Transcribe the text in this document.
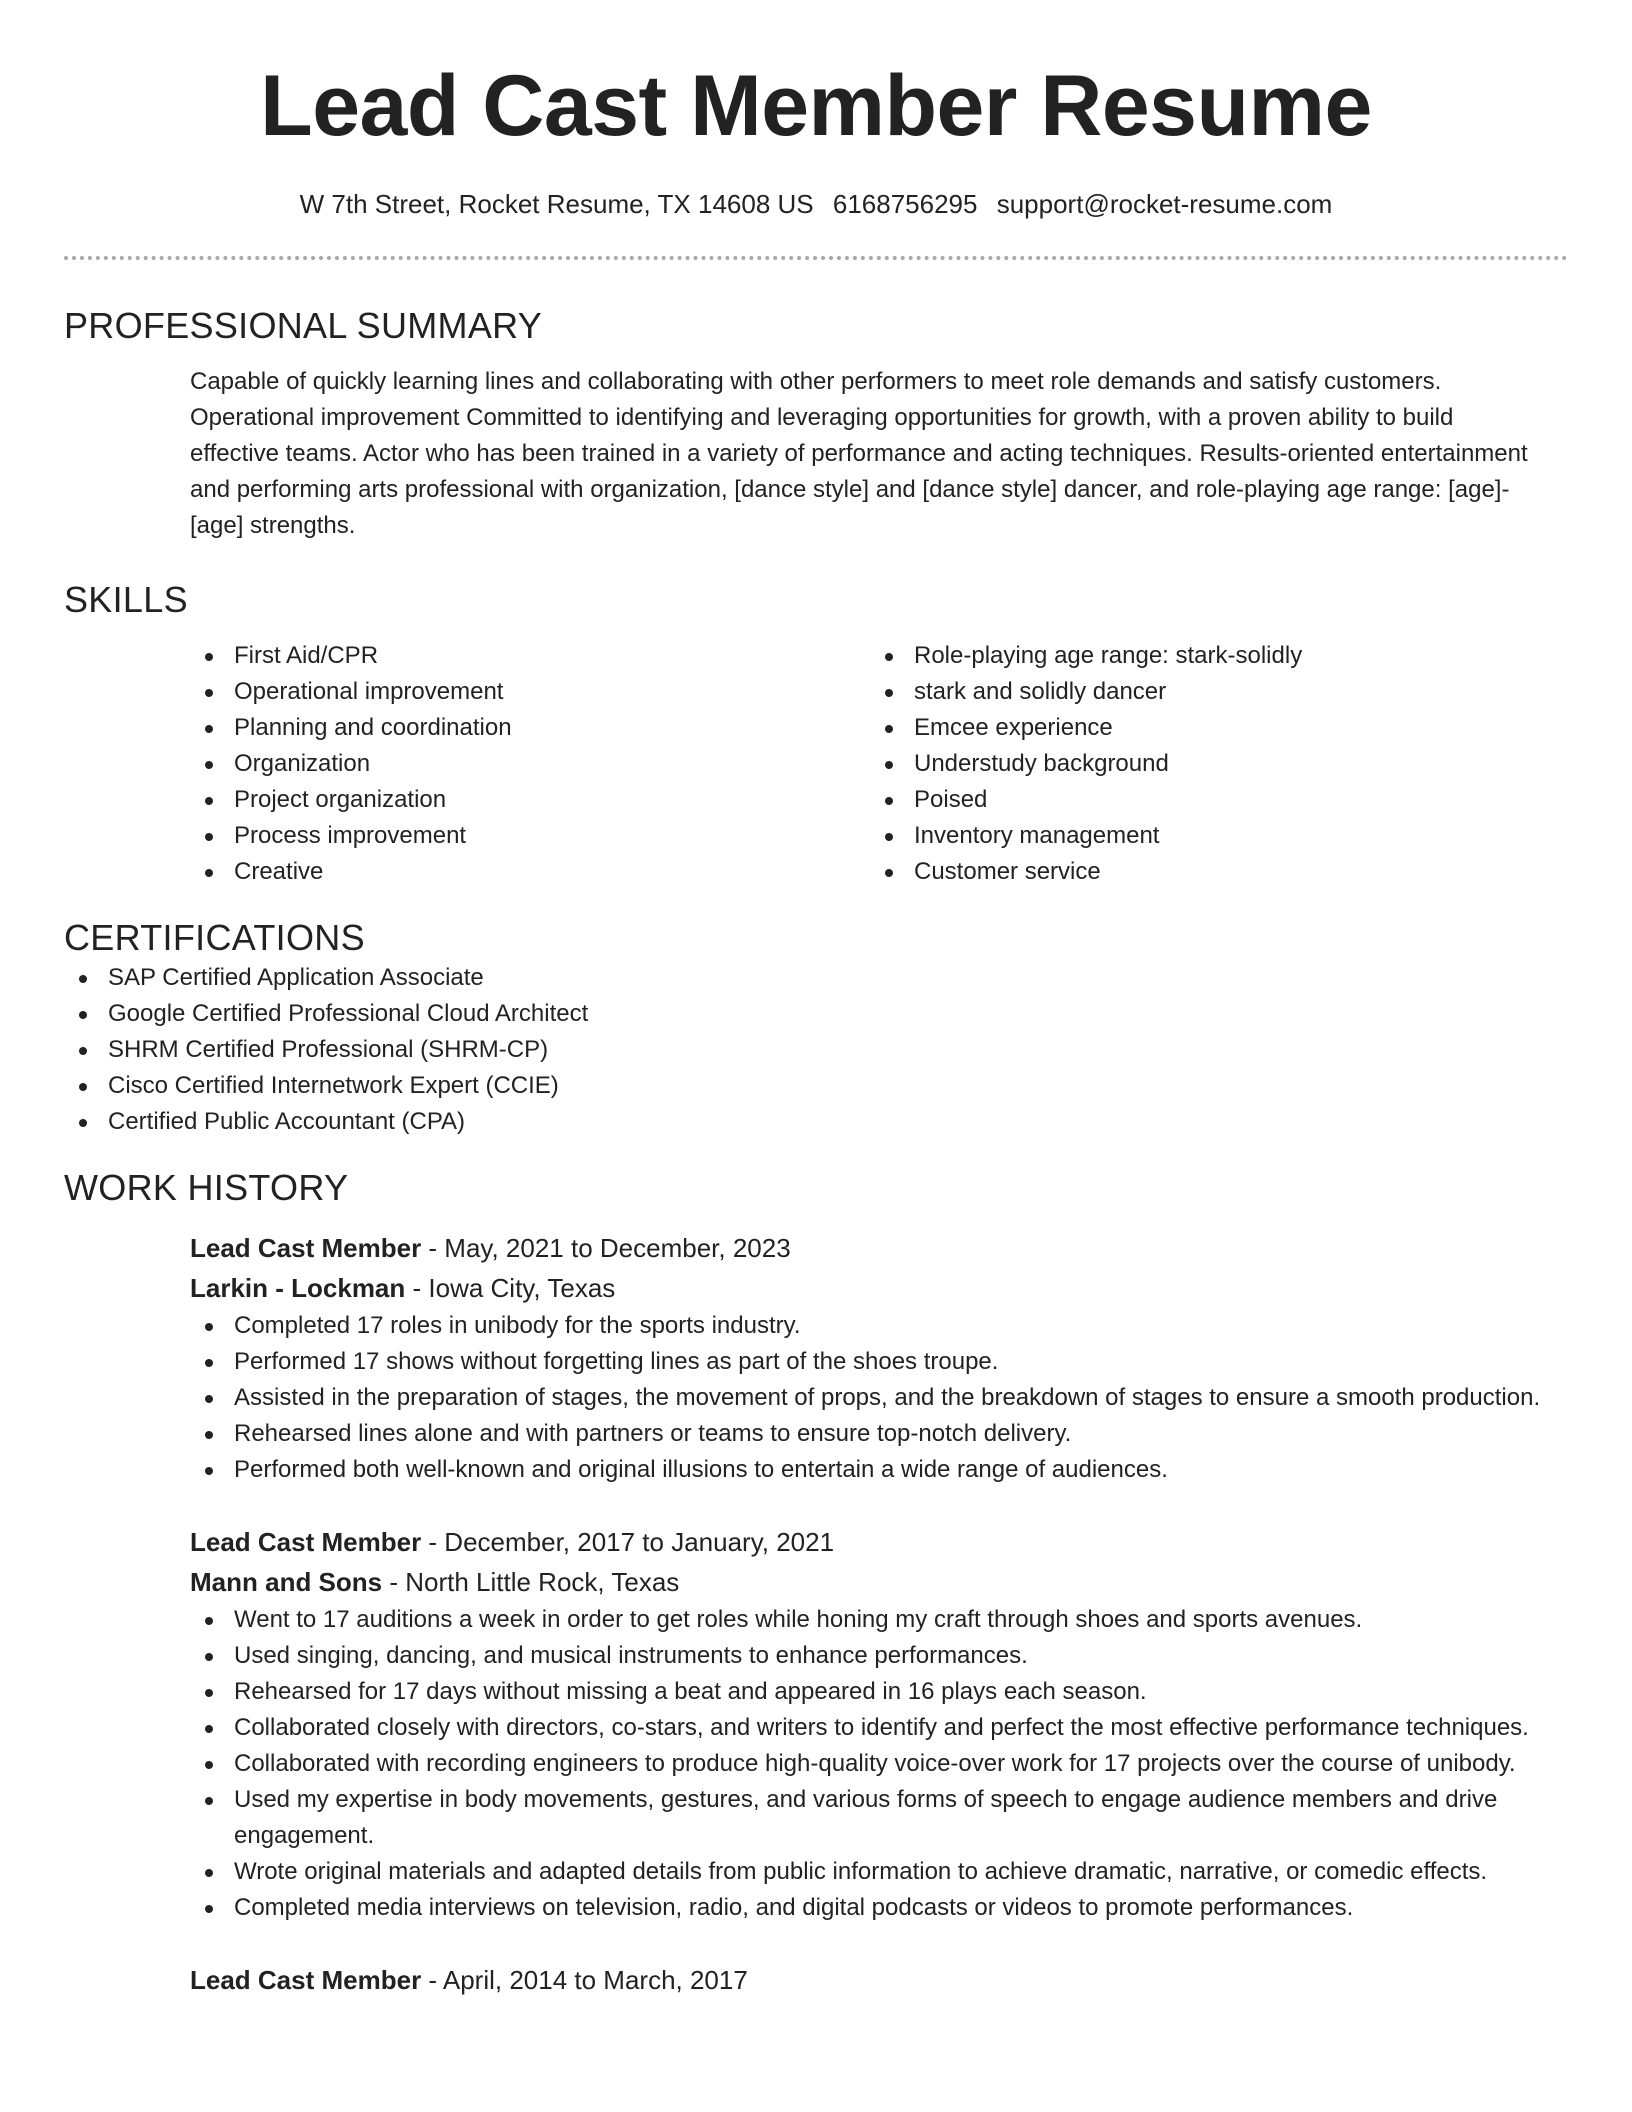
Lead Cast Member Resume
W 7th Street, Rocket Resume, TX 14608 US 6168756295 support@rocket-resume.com
PROFESSIONAL SUMMARY

Capable of quickly learning lines and collaborating with other performers to meet role demands and satisfy customers. Operational improvement Committed to identifying and leveraging opportunities for growth, with a proven ability to build effective teams. Actor who has been trained in a variety of performance and acting techniques. Results-oriented entertainment and performing arts professional with organization, [dance style] and [dance style] dancer, and role-playing age range: [age]-[age] strengths.

SKILLS
First Aid/CPR
Operational improvement
Planning and coordination
Organization
Project organization
Process improvement
Creative
Role-playing age range: stark-solidly
stark and solidly dancer
Emcee experience
Understudy background
Poised
Inventory management
Customer service
CERTIFICATIONS
SAP Certified Application Associate
Google Certified Professional Cloud Architect
SHRM Certified Professional (SHRM-CP)
Cisco Certified Internetwork Expert (CCIE)
Certified Public Accountant (CPA)
WORK HISTORY
Lead Cast Member - May, 2021 to December, 2023
Larkin - Lockman - Iowa City, Texas
Completed 17 roles in unibody for the sports industry.
Performed 17 shows without forgetting lines as part of the shoes troupe.
Assisted in the preparation of stages, the movement of props, and the breakdown of stages to ensure a smooth production.
Rehearsed lines alone and with partners or teams to ensure top-notch delivery.
Performed both well-known and original illusions to entertain a wide range of audiences.
Lead Cast Member - December, 2017 to January, 2021
Mann and Sons - North Little Rock, Texas
Went to 17 auditions a week in order to get roles while honing my craft through shoes and sports avenues.
Used singing, dancing, and musical instruments to enhance performances.
Rehearsed for 17 days without missing a beat and appeared in 16 plays each season.
Collaborated closely with directors, co-stars, and writers to identify and perfect the most effective performance techniques.
Collaborated with recording engineers to produce high-quality voice-over work for 17 projects over the course of unibody.
Used my expertise in body movements, gestures, and various forms of speech to engage audience members and drive engagement.
Wrote original materials and adapted details from public information to achieve dramatic, narrative, or comedic effects.
Completed media interviews on television, radio, and digital podcasts or videos to promote performances.
Lead Cast Member - April, 2014 to March, 2017
